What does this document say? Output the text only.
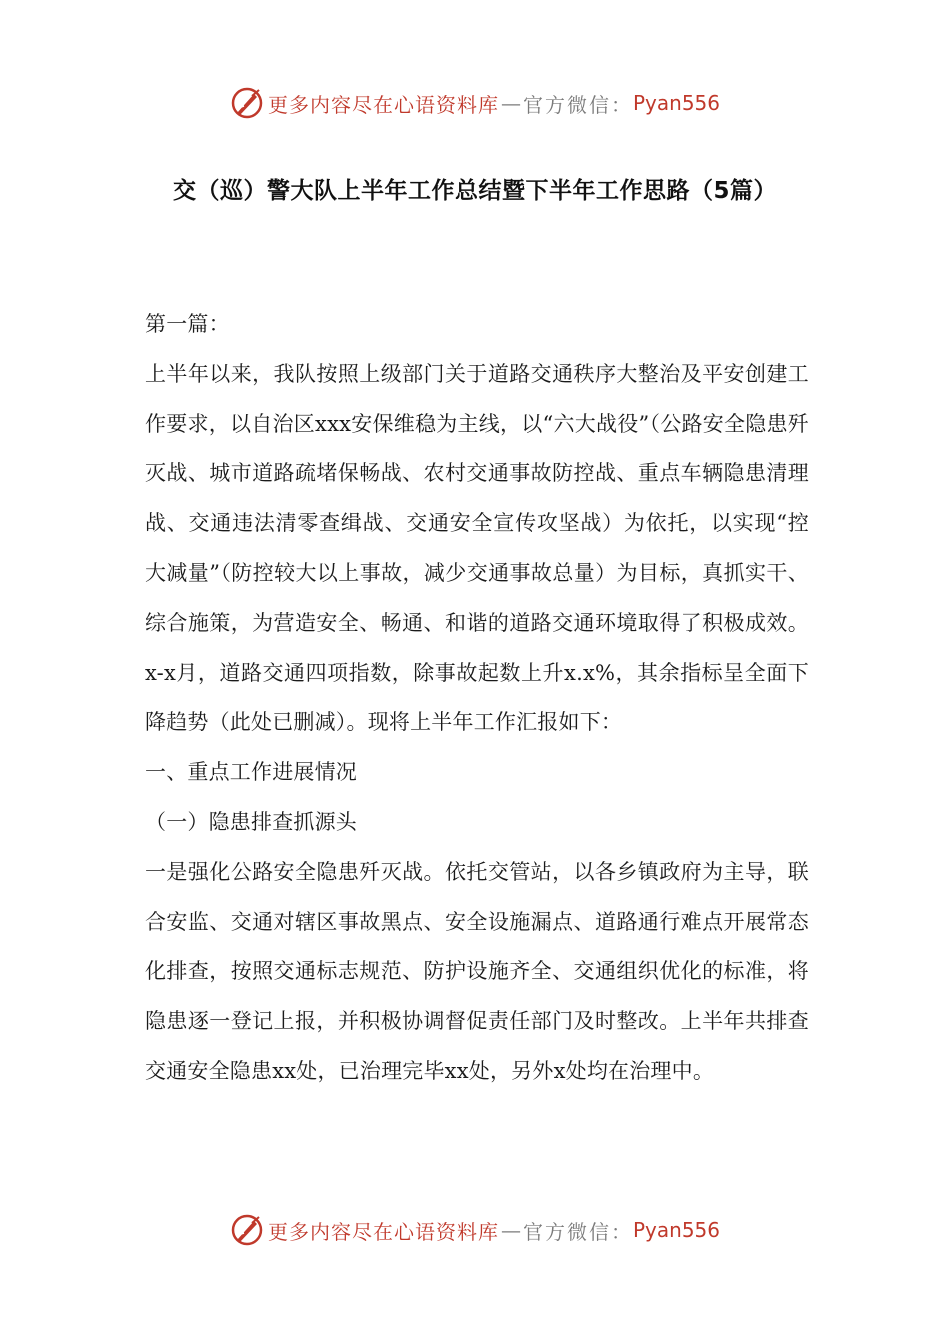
更多内容尽在心语资料库 — 官方微信： Pyan556
交（巡）警大队上半年工作总结暨下半年工作思路（5篇）

第一篇：

上半年以来，我队按照上级部门关于道路交通秩序大整治及平安创建工作要求，以自治区xxx安保维稳为主线，以“六大战役”（公路安全隐患歼灭战、城市道路疏堵保畅战、农村交通事故防控战、重点车辆隐患清理战、交通违法清零查缉战、交通安全宣传攻坚战）为依托，以实现“控大减量”（防控较大以上事故，减少交通事故总量）为目标，真抓实干、综合施策，为营造安全、畅通、和谐的道路交通环境取得了积极成效。x-x月，道路交通四项指数，除事故起数上升x.x%，其余指标呈全面下降趋势（此处已删减）。现将上半年工作汇报如下：

一、重点工作进展情况

（一）隐患排查抓源头

一是强化公路安全隐患歼灭战。依托交管站，以各乡镇政府为主导，联合安监、交通对辖区事故黑点、安全设施漏点、道路通行难点开展常态化排查，按照交通标志规范、防护设施齐全、交通组织优化的标准，将隐患逐一登记上报，并积极协调督促责任部门及时整改。上半年共排查交通安全隐患xx处，已治理完毕xx处，另外x处均在治理中。

更多内容尽在心语资料库 — 官方微信： Pyan556
